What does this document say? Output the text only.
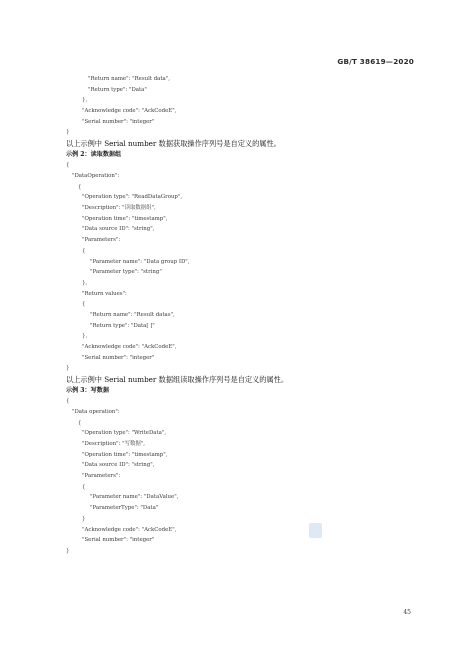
GB/T 38619—2020
"Return name": "Result data",
"Return type": "Data"
},
"Acknowledge code": "AckCodeE",
"Serial number": "integer"
}
以上示例中 Serial number 数据获取操作序列号是自定义的属性。
示例 2：读取数据组
{
"DataOperation":
{
"Operation type": "ReadDataGroup",
"Description": "读取数据组",
"Operation time": "timestamp",
"Data source ID": "string",
"Parameters":
{
"Parameter name": "Data group ID",
"Parameter type": "string"
},
"Return values":
{
"Return name": "Result datas",
"Return type": "Data[ ]"
},
"Acknowledge code": "AckCodeE",
"Serial number": "integer"
}
以上示例中 Serial number 数据组读取操作序列号是自定义的属性。
示例 3：写数据
{
"Data operation":
{
"Operation type": "WriteData",
"Description": "写数据",
"Operation time": "timestamp",
"Data source ID": "string",
"Parameters":
{
"Parameter name": "DataValue",
"ParameterType": "Data"
}
"Acknowledge code": "AckCodeE",
"Serial number": "integer"
}
45
